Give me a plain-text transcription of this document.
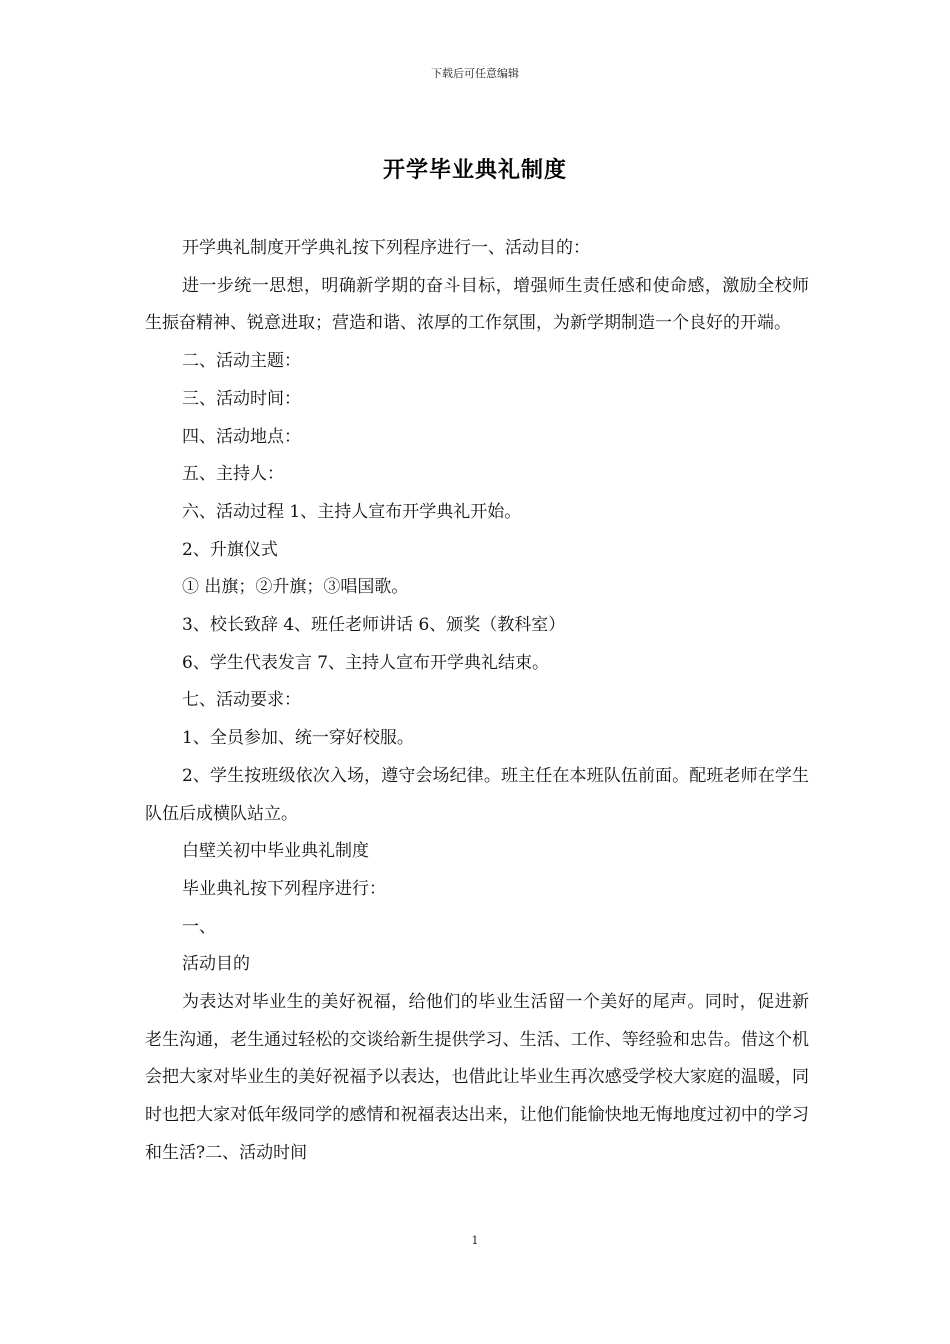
下载后可任意编辑
开学毕业典礼制度

开学典礼制度开学典礼按下列程序进行一、活动目的：

进一步统一思想，明确新学期的奋斗目标，增强师生责任感和使命感，激励全校师生振奋精神、锐意进取；营造和谐、浓厚的工作氛围，为新学期制造一个良好的开端。

二、活动主题：

三、活动时间：

四、活动地点：

五、主持人：

六、活动过程 1、主持人宣布开学典礼开始。

2、升旗仪式

① 出旗；②升旗；③唱国歌。

3、校长致辞 4、班任老师讲话 6、颁奖（教科室）

6、学生代表发言 7、主持人宣布开学典礼结束。

七、活动要求：

1、全员参加、统一穿好校服。

2、学生按班级依次入场，遵守会场纪律。班主任在本班队伍前面。配班老师在学生队伍后成横队站立。

白壁关初中毕业典礼制度

毕业典礼按下列程序进行：

一、

活动目的

为表达对毕业生的美好祝福，给他们的毕业生活留一个美好的尾声。同时，促进新老生沟通，老生通过轻松的交谈给新生提供学习、生活、工作、等经验和忠告。借这个机会把大家对毕业生的美好祝福予以表达，也借此让毕业生再次感受学校大家庭的温暖，同时也把大家对低年级同学的感情和祝福表达出来，让他们能愉快地无悔地度过初中的学习和生活?二、活动时间

1
